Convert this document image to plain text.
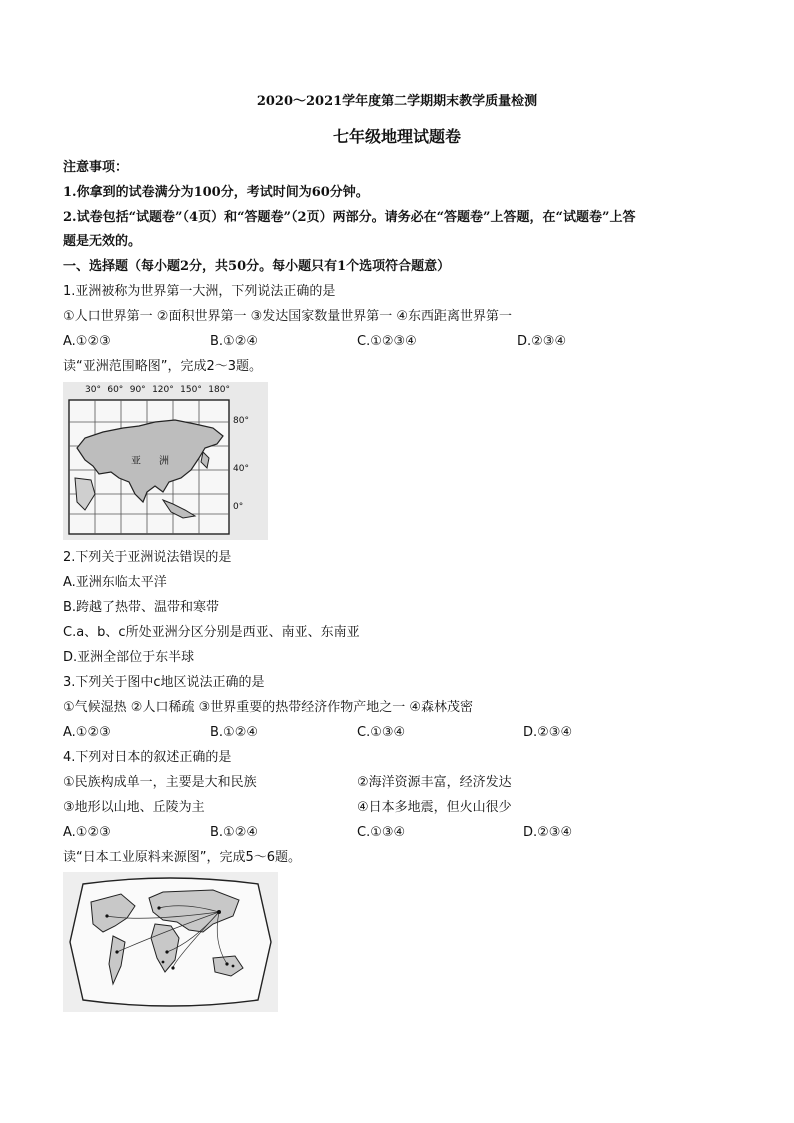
2020～2021学年度第二学期期末教学质量检测
七年级地理试题卷
注意事项：
1.你拿到的试卷满分为100分，考试时间为60分钟。
2.试卷包括“试题卷”（4页）和“答题卷”（2页）两部分。请务必在“答题卷”上答题，在“试题卷”上答
题是无效的。
一、选择题（每小题2分，共50分。每小题只有1个选项符合题意）
1.亚洲被称为世界第一大洲，下列说法正确的是
①人口世界第一 ②面积世界第一 ③发达国家数量世界第一 ④东西距离世界第一
A.①②③	B.①②④	C.①②③④	D.②③④
读“亚洲范围略图”，完成2～3题。
30° 60° 90° 120° 150° 180°
80°
40°
0°
亚 洲
2.下列关于亚洲说法错误的是
A.亚洲东临太平洋
B.跨越了热带、温带和寒带
C.a、b、c所处亚洲分区分别是西亚、南亚、东南亚
D.亚洲全部位于东半球
3.下列关于图中c地区说法正确的是
①气候湿热 ②人口稀疏 ③世界重要的热带经济作物产地之一 ④森林茂密
A.①②③	B.①②④	C.①③④	D.②③④
4.下列对日本的叙述正确的是
①民族构成单一，主要是大和民族	②海洋资源丰富，经济发达
③地形以山地、丘陵为主	④日本多地震，但火山很少
A.①②③	B.①②④	C.①③④	D.②③④
读“日本工业原料来源图”，完成5～6题。
